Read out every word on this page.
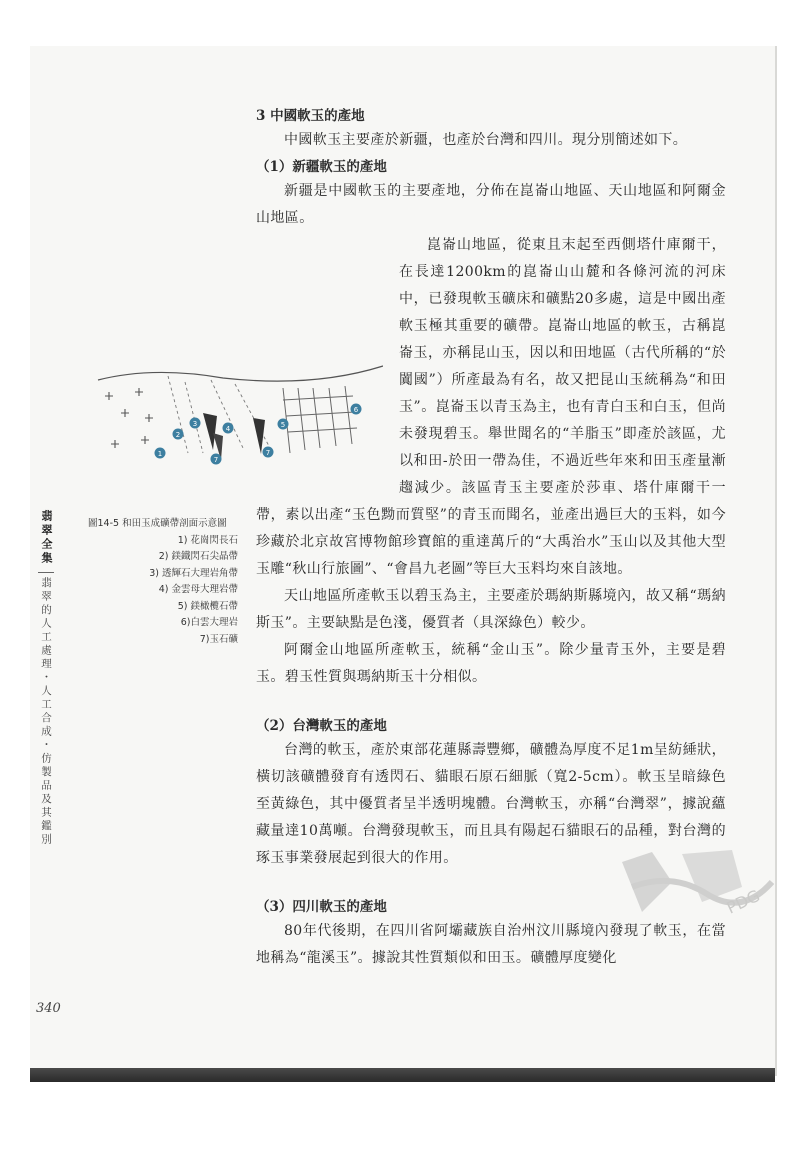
翡翠全集
翡翠的人工處理・人工合成・仿製品及其鑑別

3 中國軟玉的產地

中國軟玉主要產於新疆，也產於台灣和四川。現分別簡述如下。

（1）新疆軟玉的產地

新疆是中國軟玉的主要產地，分佈在崑崙山地區、天山地區和阿爾金山地區。

崑崙山地區，從東且末起至西側塔什庫爾干，在長達1200km的崑崙山山麓和各條河流的河床中，已發現軟玉礦床和礦點20多處，這是中國出產軟玉極其重要的礦帶。崑崙山地區的軟玉，古稱崑崙玉，亦稱昆山玉，因以和田地區（古代所稱的“於闐國”）所產最為有名，故又把昆山玉統稱為“和田玉”。崑崙玉以青玉為主，也有青白玉和白玉，但尚未發現碧玉。舉世聞名的“羊脂玉”即產於該區，尤以和田-於田一帶為佳，不過近些年來和田玉產量漸趨減少。該區青玉主要產於莎車、塔什庫爾干一帶，素以出產“玉色黝而質堅”的青玉而聞名，並產出過巨大的玉料，如今珍藏於北京故宮博物館珍寶館的重達萬斤的“大禹治水”玉山以及其他大型玉雕“秋山行旅圖”、“會昌九老圖”等巨大玉料均來自該地。

天山地區所產軟玉以碧玉為主，主要產於瑪納斯縣境內，故又稱“瑪納斯玉”。主要缺點是色淺，優質者（具深綠色）較少。

阿爾金山地區所產軟玉，統稱“金山玉”。除少量青玉外，主要是碧玉。碧玉性質與瑪納斯玉十分相似。

（2）台灣軟玉的產地

台灣的軟玉，產於東部花蓮縣壽豐鄉，礦體為厚度不足1m呈紡綞狀，橫切該礦體發育有透閃石、貓眼石原石細脈（寬2-5cm）。軟玉呈暗綠色至黃綠色，其中優質者呈半透明塊體。台灣軟玉，亦稱“台灣翠”，據說蘊藏量達10萬噸。台灣發現軟玉，而且具有陽起石貓眼石的品種，對台灣的琢玉事業發展起到很大的作用。

（3）四川軟玉的產地

80年代後期，在四川省阿壩藏族自治州汶川縣境內發現了軟玉，在當地稱為“龍溪玉”。據說其性質類似和田玉。礦體厚度變化

1
2
3
4	5
6
7
7
圖14-5 和田玉成礦帶剖面示意圖
1) 花崗閃長石
2) 鎂鐵閃石尖晶帶
3) 透輝石大理岩角帶
4) 金雲母大理岩帶
5) 鎂橄欖石帶
6)白雲大理岩
7)玉石礦
PDG
340
